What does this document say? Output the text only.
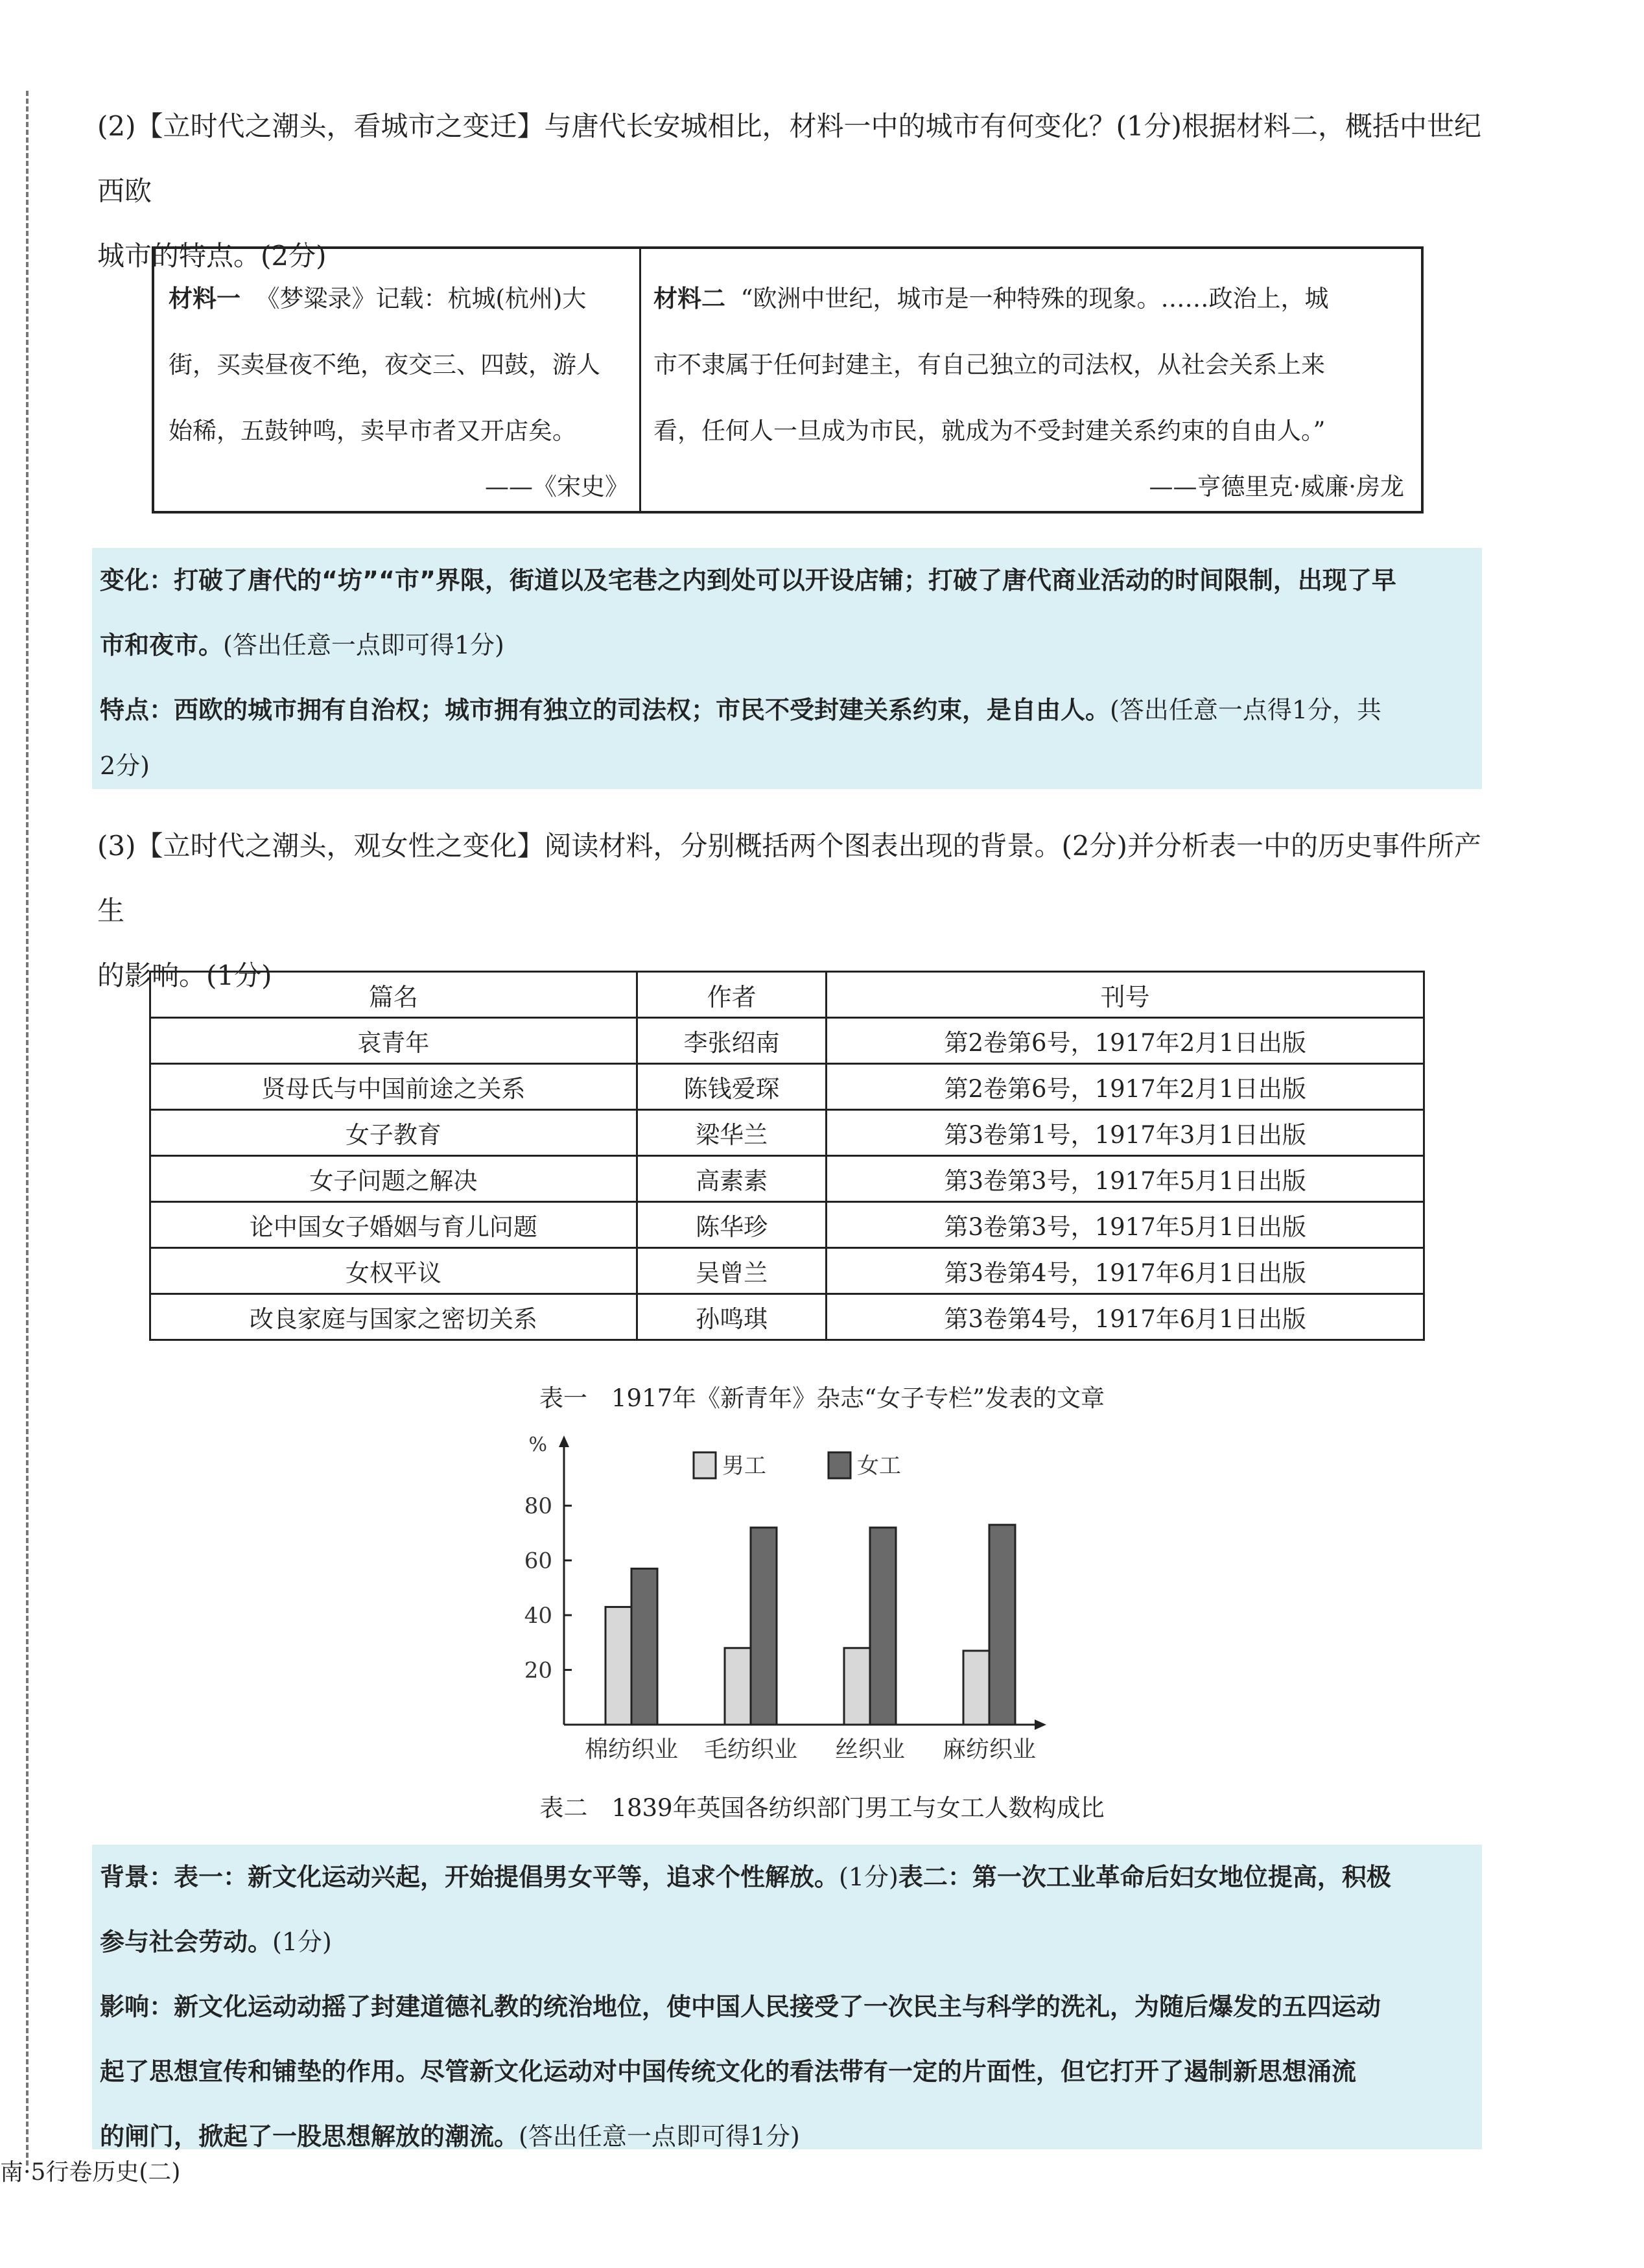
(2)【立时代之潮头，看城市之变迁】与唐代长安城相比，材料一中的城市有何变化？(1分)根据材料二，概括中世纪西欧
城市的特点。(2分)
材料一 《梦粱录》记载：杭城(杭州)大
街，买卖昼夜不绝，夜交三、四鼓，游人
始稀，五鼓钟鸣，卖早市者又开店矣。
——《宋史》
材料二 “欧洲中世纪，城市是一种特殊的现象。……政治上，城
市不隶属于任何封建主，有自己独立的司法权，从社会关系上来
看，任何人一旦成为市民，就成为不受封建关系约束的自由人。”
——亨德里克·威廉·房龙
变化：打破了唐代的“坊”“市”界限，街道以及宅巷之内到处可以开设店铺；打破了唐代商业活动的时间限制，出现了早
市和夜市。(答出任意一点即可得1分)
特点：西欧的城市拥有自治权；城市拥有独立的司法权；市民不受封建关系约束，是自由人。(答出任意一点得1分，共
2分)
(3)【立时代之潮头，观女性之变化】阅读材料，分别概括两个图表出现的背景。(2分)并分析表一中的历史事件所产生
的影响。(1分)
篇名	作者	刊号
哀青年	李张绍南	第2卷第6号，1917年2月1日出版
贤母氏与中国前途之关系	陈钱爱琛	第2卷第6号，1917年2月1日出版
女子教育	梁华兰	第3卷第1号，1917年3月1日出版
女子问题之解决	高素素	第3卷第3号，1917年5月1日出版
论中国女子婚姻与育儿问题	陈华珍	第3卷第3号，1917年5月1日出版
女权平议	吴曾兰	第3卷第4号，1917年6月1日出版
改良家庭与国家之密切关系	孙鸣琪	第3卷第4号，1917年6月1日出版
表一　1917年《新青年》杂志“女子专栏”发表的文章
%
20
40
60
80
棉纺织业 毛纺织业 丝织业 麻纺织业
男工	女工
表二　1839年英国各纺织部门男工与女工人数构成比
背景：表一：新文化运动兴起，开始提倡男女平等，追求个性解放。(1分)表二：第一次工业革命后妇女地位提高，积极
参与社会劳动。(1分)
影响：新文化运动动摇了封建道德礼教的统治地位，使中国人民接受了一次民主与科学的洗礼，为随后爆发的五四运动
起了思想宣传和铺垫的作用。尽管新文化运动对中国传统文化的看法带有一定的片面性，但它打开了遏制新思想涌流
的闸门，掀起了一股思想解放的潮流。(答出任意一点即可得1分)
南·5行卷历史(二)
